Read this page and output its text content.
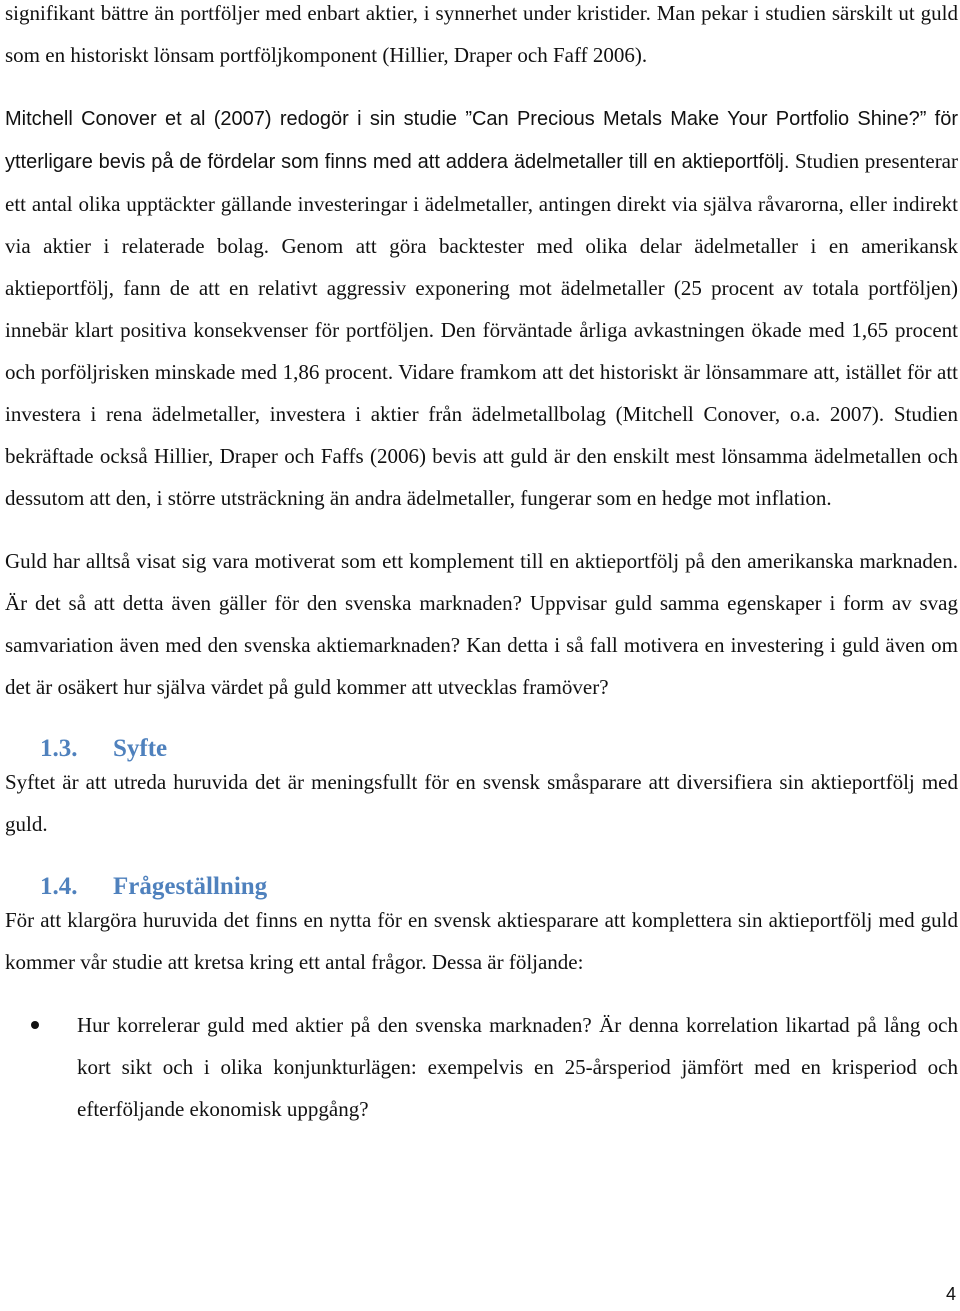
signifikant bättre än portföljer med enbart aktier, i synnerhet under kristider. Man pekar i studien särskilt ut guld som en historiskt lönsam portföljkomponent (Hillier, Draper och Faff 2006).

Mitchell Conover et al (2007) redogör i sin studie ”Can Precious Metals Make Your Portfolio Shine?” för ytterligare bevis på de fördelar som finns med att addera ädelmetaller till en aktieportfölj. Studien presenterar ett antal olika upptäckter gällande investeringar i ädelmetaller, antingen direkt via själva råvarorna, eller indirekt via aktier i relaterade bolag. Genom att göra backtester med olika delar ädelmetaller i en amerikansk aktieportfölj, fann de att en relativt aggressiv exponering mot ädelmetaller (25 procent av totala portföljen) innebär klart positiva konsekvenser för portföljen. Den förväntade årliga avkastningen ökade med 1,65 procent och porföljrisken minskade med 1,86 procent. Vidare framkom att det historiskt är lönsammare att, istället för att investera i rena ädelmetaller, investera i aktier från ädelmetallbolag (Mitchell Conover, o.a. 2007). Studien bekräftade också Hillier, Draper och Faffs (2006) bevis att guld är den enskilt mest lönsamma ädelmetallen och dessutom att den, i större utsträckning än andra ädelmetaller, fungerar som en hedge mot inflation.

Guld har alltså visat sig vara motiverat som ett komplement till en aktieportfölj på den amerikanska marknaden. Är det så att detta även gäller för den svenska marknaden? Uppvisar guld samma egenskaper i form av svag samvariation även med den svenska aktiemarknaden? Kan detta i så fall motivera en investering i guld även om det är osäkert hur själva värdet på guld kommer att utvecklas framöver?

1.3. Syfte

Syftet är att utreda huruvida det är meningsfullt för en svensk småsparare att diversifiera sin aktieportfölj med guld.

1.4. Frågeställning

För att klargöra huruvida det finns en nytta för en svensk aktiesparare att komplettera sin aktieportfölj med guld kommer vår studie att kretsa kring ett antal frågor. Dessa är följande:

Hur korrelerar guld med aktier på den svenska marknaden? Är denna korrelation likartad på lång och kort sikt och i olika konjunkturlägen: exempelvis en 25-årsperiod jämfört med en krisperiod och efterföljande ekonomisk uppgång?
4
